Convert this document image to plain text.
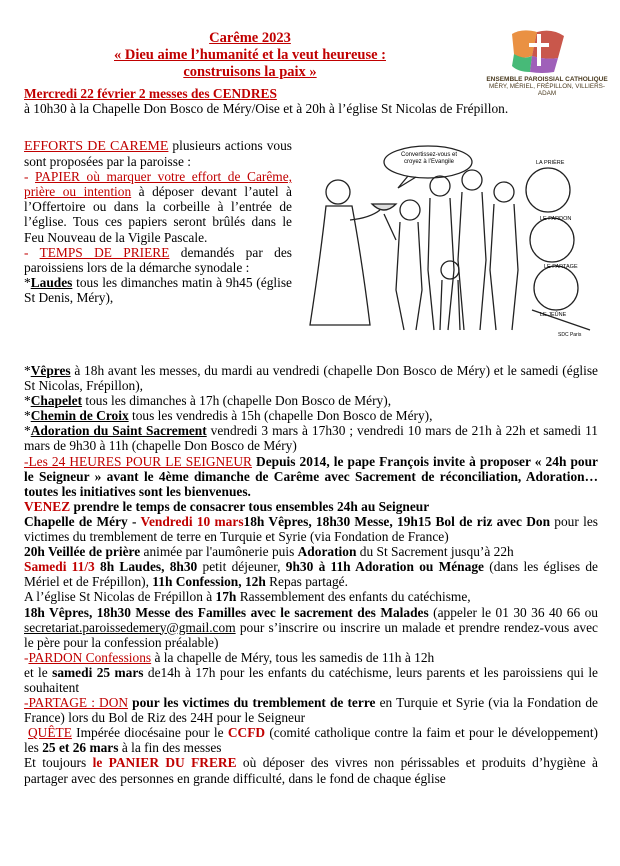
Carême 2023
« Dieu aime l’humanité et la veut heureuse :
construisons la paix »	ENSEMBLE PAROISSIAL CATHOLIQUE
MÉRY, MÉRIEL, FRÉPILLON, VILLIERS-ADAM
Mercredi 22 février 2 messes des CENDRES
à 10h30 à la Chapelle Don Bosco de Méry/Oise et à 20h à l’église St Nicolas de Frépillon.
EFFORTS DE CAREME plusieurs actions vous sont proposées par la paroisse :
- PAPIER où marquer votre effort de Carême, prière ou intention à déposer devant l’autel à l’Offertoire ou dans la corbeille à l’entrée de l’église. Tous ces papiers seront brûlés dans le Feu Nouveau de la Vigile Pascale.
- TEMPS DE PRIERE demandés par des paroissiens lors de la démarche synodale :
*Laudes tous les dimanches matin à 9h45 (église St Denis, Méry),
Convertissez-vous et croyez à l’Evangile	LA PRIÈRE
LE PARDON
LE PARTAGE
LE JEÛNE
SDC Paris
*Vêpres à 18h avant les messes, du mardi au vendredi (chapelle Don Bosco de Méry) et le samedi (église St Nicolas, Frépillon),
*Chapelet tous les dimanches à 17h (chapelle Don Bosco de Méry),
*Chemin de Croix tous les vendredis à 15h (chapelle Don Bosco de Méry),
*Adoration du Saint Sacrement vendredi 3 mars à 17h30 ; vendredi 10 mars de 21h à 22h et samedi 11 mars de 9h30 à 11h (chapelle Don Bosco de Méry)
-Les 24 HEURES POUR LE SEIGNEUR Depuis 2014, le pape François invite à proposer « 24h pour le Seigneur » avant le 4ème dimanche de Carême avec Sacrement de réconciliation, Adoration… toutes les initiatives sont les bienvenues.
VENEZ prendre le temps de consacrer tous ensembles 24h au Seigneur
Chapelle de Méry - Vendredi 10 mars18h Vêpres, 18h30 Messe, 19h15 Bol de riz avec Don pour les victimes du tremblement de terre en Turquie et Syrie (via Fondation de France)
20h Veillée de prière animée par l'aumônerie puis Adoration du St Sacrement jusqu’à 22h
Samedi 11/3 8h Laudes, 8h30 petit déjeuner, 9h30 à 11h Adoration ou Ménage (dans les églises de Mériel et de Frépillon), 11h Confession, 12h Repas partagé.
A l’église St Nicolas de Frépillon à 17h Rassemblement des enfants du catéchisme,
18h Vêpres, 18h30 Messe des Familles avec le sacrement des Malades (appeler le 01 30 36 40 66 ou secretariat.paroissedemery@gmail.com pour s’inscrire ou inscrire un malade et prendre rendez-vous avec le père pour la confession préalable)
-PARDON Confessions à la chapelle de Méry, tous les samedis de 11h à 12h
et le samedi 25 mars de14h à 17h pour les enfants du catéchisme, leurs parents et les paroissiens qui le souhaitent
-PARTAGE : DON pour les victimes du tremblement de terre en Turquie et Syrie (via la Fondation de France) lors du Bol de Riz des 24H pour le Seigneur
QUÊTE Impérée diocésaine pour le CCFD (comité catholique contre la faim et pour le développement) les 25 et 26 mars à la fin des messes
Et toujours le PANIER DU FRERE où déposer des vivres non périssables et produits d’hygiène à partager avec des personnes en grande difficulté, dans le fond de chaque église
